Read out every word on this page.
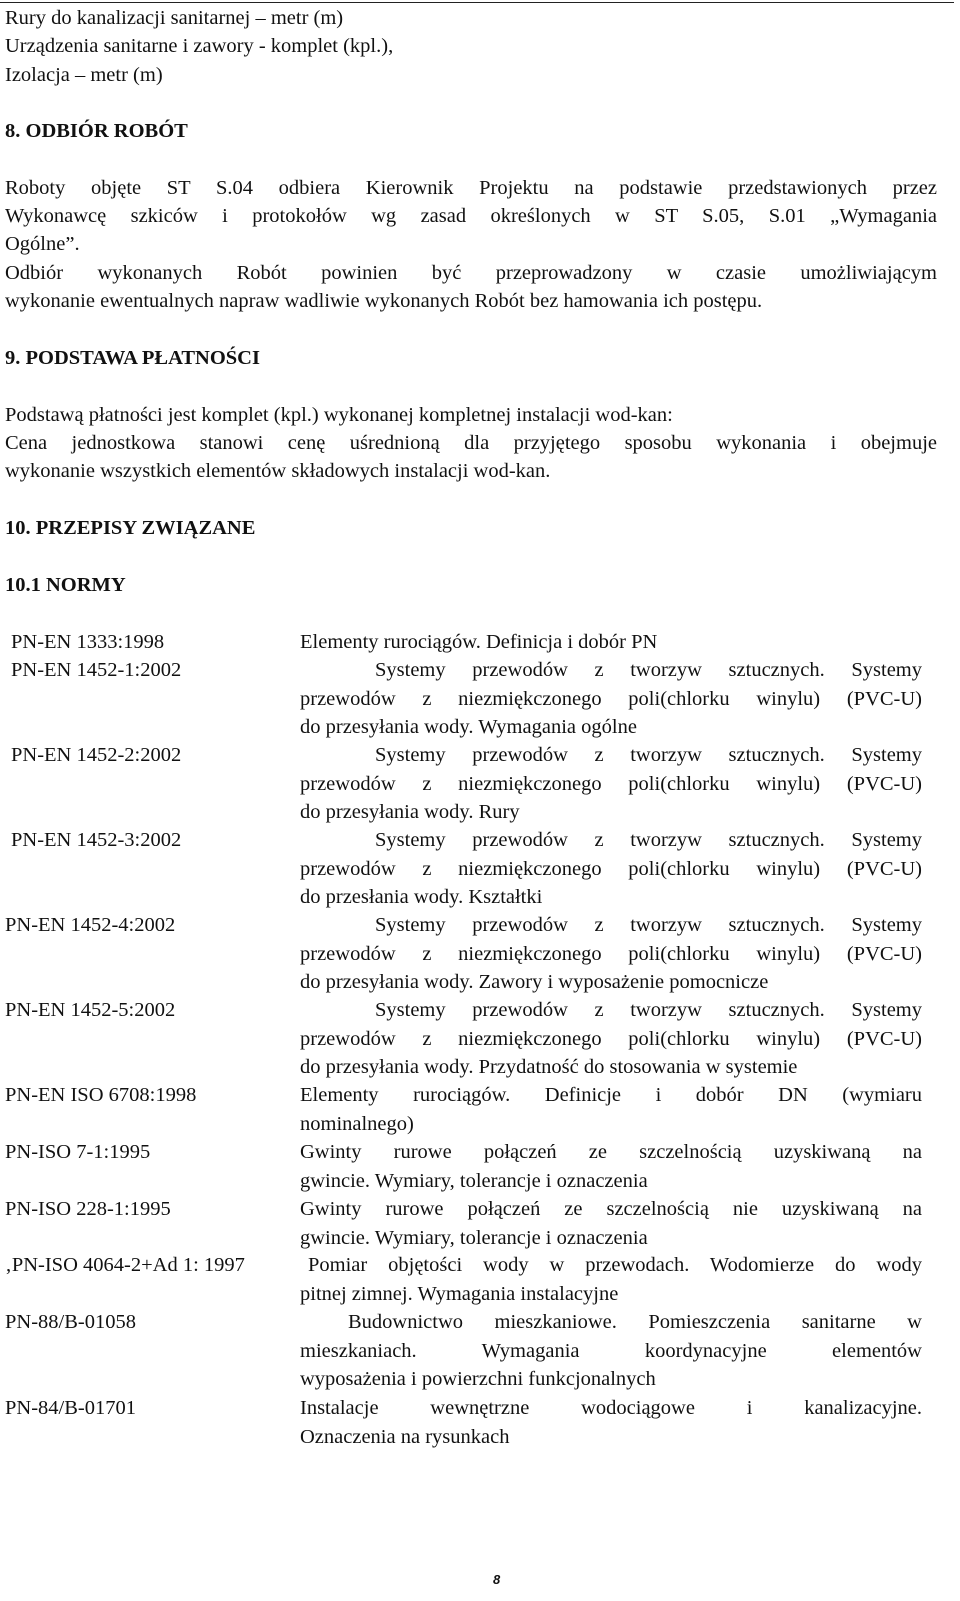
Rury do kanalizacji sanitarnej – metr (m)
Urządzenia sanitarne i zawory - komplet (kpl.),
Izolacja – metr (m)
8. ODBIÓR ROBÓT
Roboty objęte ST S.04 odbiera Kierownik Projektu na podstawie przedstawionych przez
Wykonawcę szkiców i protokołów wg zasad określonych w ST S.05, S.01 „Wymagania
Ogólne”.
Odbiór wykonanych Robót powinien być przeprowadzony w czasie umożliwiającym
wykonanie ewentualnych napraw wadliwie wykonanych Robót bez hamowania ich postępu.
9. PODSTAWA PŁATNOŚCI
Podstawą płatności jest komplet (kpl.) wykonanej kompletnej instalacji wod-kan:
Cena jednostkowa stanowi cenę uśrednioną dla przyjętego sposobu wykonania i obejmuje
wykonanie wszystkich elementów składowych instalacji wod-kan.
10. PRZEPISY ZWIĄZANE
10.1 NORMY
PN-EN 1333:1998	Elementy rurociągów. Definicja i dobór PN
PN-EN 1452-1:2002	Systemy przewodów z tworzyw sztucznych. Systemy
przewodów z niezmiękczonego poli(chlorku winylu) (PVC-U)
do przesyłania wody. Wymagania ogólne
PN-EN 1452-2:2002	Systemy przewodów z tworzyw sztucznych. Systemy
przewodów z niezmiękczonego poli(chlorku winylu) (PVC-U)
do przesyłania wody. Rury
PN-EN 1452-3:2002	Systemy przewodów z tworzyw sztucznych. Systemy
przewodów z niezmiękczonego poli(chlorku winylu) (PVC-U)
do przesłania wody. Kształtki
PN-EN 1452-4:2002	Systemy przewodów z tworzyw sztucznych. Systemy
przewodów z niezmiękczonego poli(chlorku winylu) (PVC-U)
do przesyłania wody. Zawory i wyposażenie pomocnicze
PN-EN 1452-5:2002	Systemy przewodów z tworzyw sztucznych. Systemy
przewodów z niezmiękczonego poli(chlorku winylu) (PVC-U)
do przesyłania wody. Przydatność do stosowania w systemie
PN-EN ISO 6708:1998	Elementy rurociągów. Definicje i dobór DN (wymiaru
nominalnego)
PN-ISO 7-1:1995	Gwinty rurowe połączeń ze szczelnością uzyskiwaną na
gwincie. Wymiary, tolerancje i oznaczenia
PN-ISO 228-1:1995	Gwinty rurowe połączeń ze szczelnością nie uzyskiwaną na
gwincie. Wymiary, tolerancje i oznaczenia
‚PN-ISO 4064-2+Ad 1: 1997	Pomiar objętości wody w przewodach. Wodomierze do wody
pitnej zimnej. Wymagania instalacyjne
PN-88/B-01058	Budownictwo mieszkaniowe. Pomieszczenia sanitarne w
mieszkaniach. Wymagania koordynacyjne elementów
wyposażenia i powierzchni funkcjonalnych
PN-84/B-01701	Instalacje wewnętrzne wodociągowe i kanalizacyjne.
Oznaczenia na rysunkach
8
